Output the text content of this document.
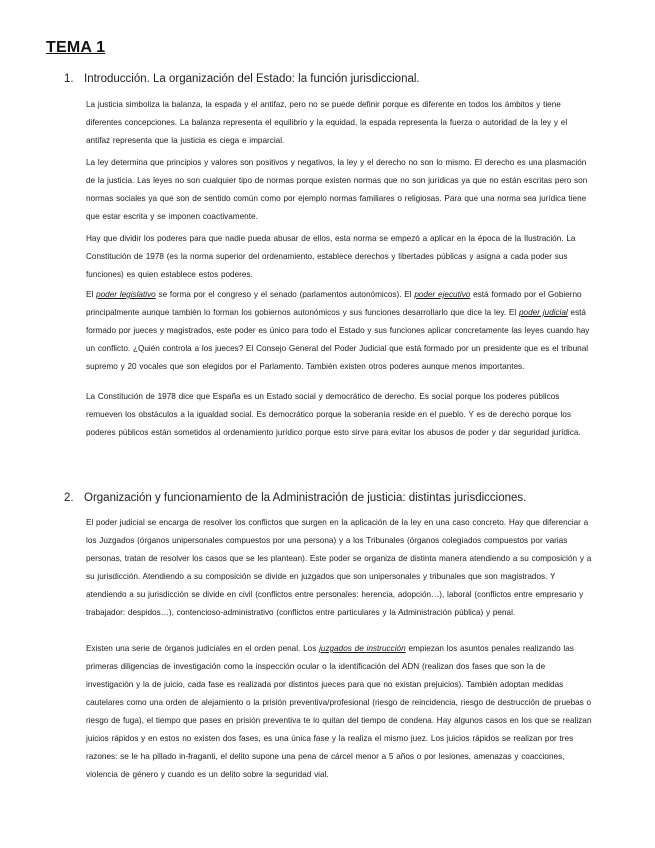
TEMA 1
1. Introducción. La organización del Estado: la función jurisdiccional.

La justicia simboliza la balanza, la espada y el antifaz, pero no se puede definir porque es diferente en todos los ámbitos y tiene diferentes concepciones. La balanza representa el equilibrio y la equidad, la espada representa la fuerza o autoridad de la ley y el antifaz representa que la justicia es ciega e imparcial.

La ley determina que principios y valores son positivos y negativos, la ley y el derecho no son lo mismo. El derecho es una plasmación de la justicia. Las leyes no son cualquier tipo de normas porque existen normas que no son jurídicas ya que no están escritas pero son normas sociales ya que son de sentido común como por ejemplo normas familiares o religiosas. Para que una norma sea jurídica tiene que estar escrita y se imponen coactivamente.

Hay que dividir los poderes para que nadie pueda abusar de ellos, esta norma se empezó a aplicar en la época de la Ilustración. La Constitución de 1978 (es la norma superior del ordenamiento, establece derechos y libertades públicas y asigna a cada poder sus funciones) es quien establece estos poderes.

El poder legislativo se forma por el congreso y el senado (parlamentos autonómicos). El poder ejecutivo está formado por el Gobierno principalmente aunque también lo forman los gobiernos autonómicos y sus funciones desarrollarlo que dice la ley. El poder judicial está formado por jueces y magistrados, este poder es único para todo el Estado y sus funciones aplicar concretamente las leyes cuando hay un conflicto. ¿Quién controla a los jueces? El Consejo General del Poder Judicial que está formado por un presidente que es el tribunal supremo y 20 vocales que son elegidos por el Parlamento. También existen otros poderes aunque menos importantes.

La Constitución de 1978 dice que España es un Estado social y democrático de derecho. Es social porque los poderes públicos remueven los obstáculos a la igualdad social. Es democrático porque la soberanía reside en el pueblo. Y es de derecho porque los poderes públicos están sometidos al ordenamiento jurídico porque esto sirve para evitar los abusos de poder y dar seguridad jurídica.

2. Organización y funcionamiento de la Administración de justicia: distintas jurisdicciones.

El poder judicial se encarga de resolver los conflictos que surgen en la aplicación de la ley en una caso concreto. Hay que diferenciar a los Juzgados (órganos unipersonales compuestos por una persona) y a los Tribunales (órganos colegiados compuestos por varias personas, tratan de resolver los casos que se les plantean). Este poder se organiza de distinta manera atendiendo a su composición y a su jurisdicción. Atendiendo a su composición se divide en juzgados que son unipersonales y tribunales que son magistrados. Y atendiendo a su jurisdicción se divide en civil (conflictos entre personales: herencia, adopción…), laboral (conflictos entre empresario y trabajador: despidos…), contencioso-administrativo (conflictos entre particulares y la Administración pública) y penal.

Existen una serie de órganos judiciales en el orden penal. Los juzgados de instrucción empiezan los asuntos penales realizando las primeras diligencias de investigación como la inspección ocular o la identificación del ADN (realizan dos fases que son la de investigación y la de juicio, cada fase es realizada por distintos jueces para que no existan prejuicios). También adoptan medidas cautelares como una orden de alejamiento o la prisión preventiva/profesional (riesgo de reincidencia, riesgo de destrucción de pruebas o riesgo de fuga), el tiempo que pases en prisión preventiva te lo quitan del tiempo de condena. Hay algunos casos en los que se realizan juicios rápidos y en estos no existen dos fases, es una única fase y la realiza el mismo juez. Los juicios rápidos se realizan por tres razones: se le ha pillado in-fraganti, el delito supone una pena de cárcel menor a 5 años o por lesiones, amenazas y coacciones, violencia de género y cuando es un delito sobre la seguridad vial.
